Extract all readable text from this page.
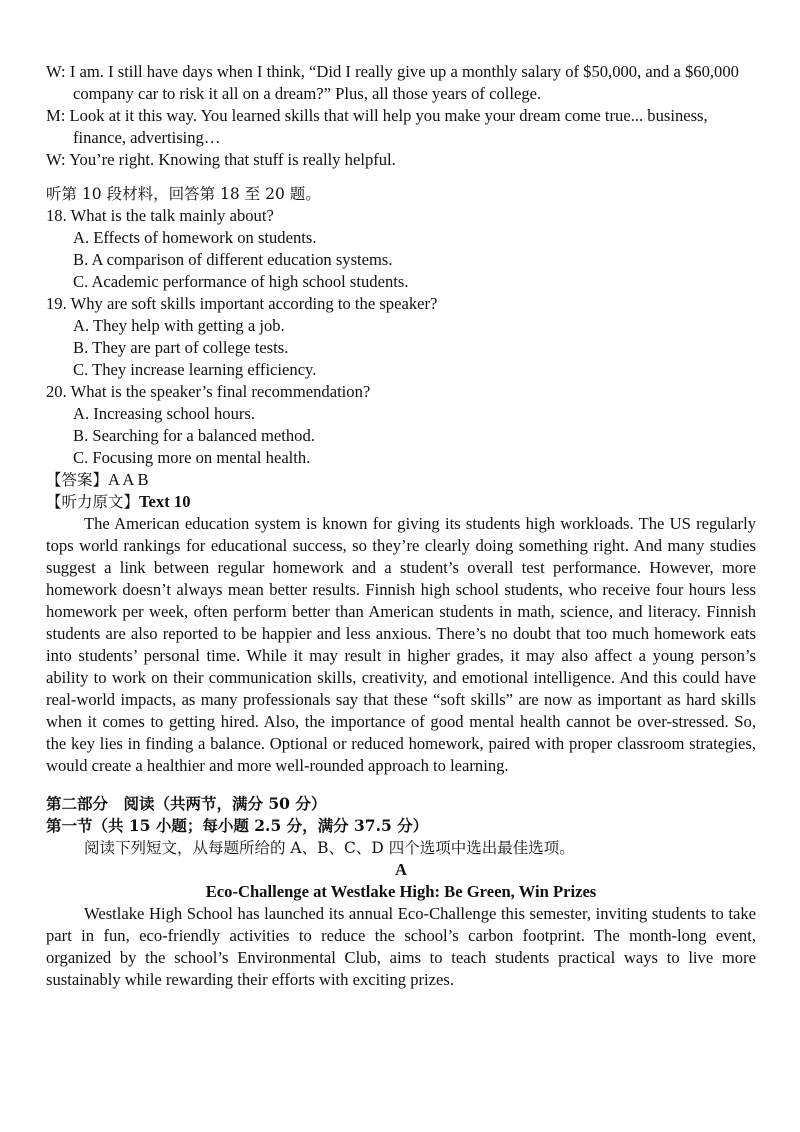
W: I am. I still have days when I think, “Did I really give up a monthly salary of $50,000, and a $60,000 company car to risk it all on a dream?” Plus, all those years of college.

M: Look at it this way. You learned skills that will help you make your dream come true... business, finance, advertising…

W: You’re right. Knowing that stuff is really helpful.

听第 10 段材料，回答第 18 至 20 题。

18. What is the talk mainly about?

A. Effects of homework on students.

B. A comparison of different education systems.

C. Academic performance of high school students.

19. Why are soft skills important according to the speaker?

A. They help with getting a job.

B. They are part of college tests.

C. They increase learning efficiency.

20. What is the speaker’s final recommendation?

A. Increasing school hours.

B. Searching for a balanced method.

C. Focusing more on mental health.

【答案】A A B

【听力原文】Text 10

The American education system is known for giving its students high workloads. The US regularly tops world rankings for educational success, so they’re clearly doing something right. And many studies suggest a link between regular homework and a student’s overall test performance. However, more homework doesn’t always mean better results. Finnish high school students, who receive four hours less homework per week, often perform better than American students in math, science, and literacy. Finnish students are also reported to be happier and less anxious. There’s no doubt that too much homework eats into students’ personal time. While it may result in higher grades, it may also affect a young person’s ability to work on their communication skills, creativity, and emotional intelligence. And this could have real-world impacts, as many professionals say that these “soft skills” are now as important as hard skills when it comes to getting hired. Also, the importance of good mental health cannot be over-stressed. So, the key lies in finding a balance. Optional or reduced homework, paired with proper classroom strategies, would create a healthier and more well-rounded approach to learning.

第二部分　阅读（共两节，满分 50 分）

第一节（共 15 小题；每小题 2.5 分，满分 37.5 分）

阅读下列短文，从每题所给的 A、B、C、D 四个选项中选出最佳选项。

A

Eco-Challenge at Westlake High: Be Green, Win Prizes

Westlake High School has launched its annual Eco-Challenge this semester, inviting students to take part in fun, eco-friendly activities to reduce the school’s carbon footprint. The month-long event, organized by the school’s Environmental Club, aims to teach students practical ways to live more sustainably while rewarding their efforts with exciting prizes.
